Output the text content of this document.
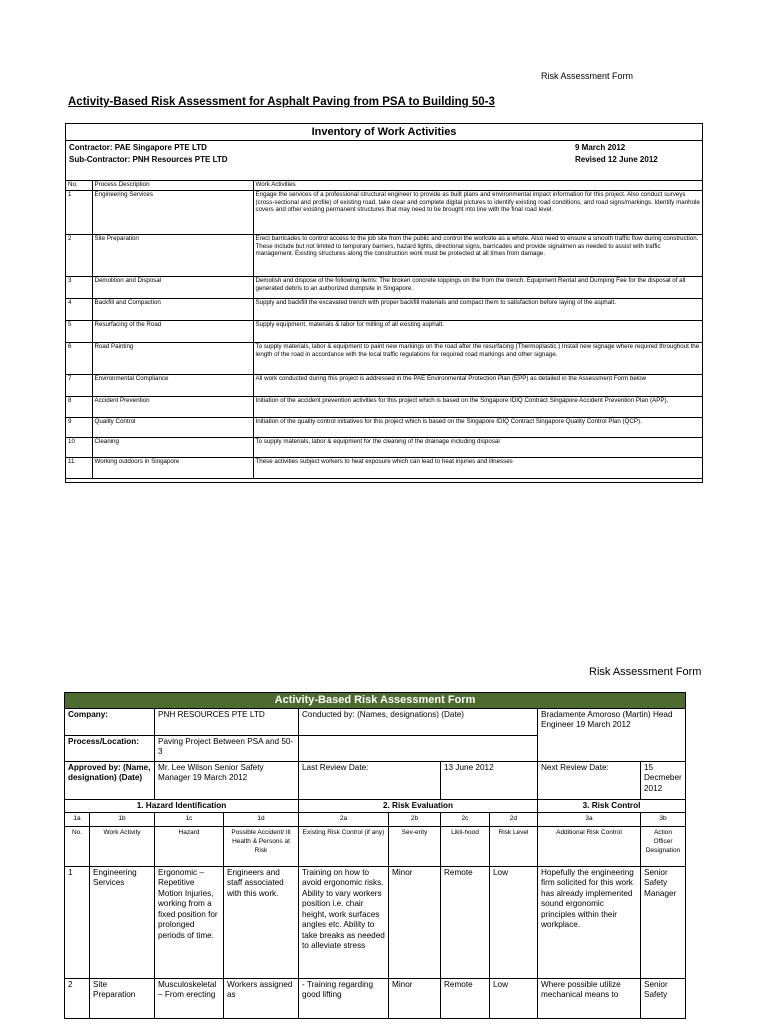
Risk Assessment Form
Activity-Based Risk Assessment for Asphalt Paving from PSA to Building 50-3
Inventory of Work Activities
Contractor: PAE Singapore PTE LTD
Sub-Contractor: PNH Resources PTE LTD
9 March 2012
Revised 12 June 2012
No.	Process Description	Work Activities
1	Engineering Services	Engage the services of a professional structural engineer to provide as built plans and environmental impact information for this project. Also conduct surveys (cross-sectional and profile) of existing road, take clear and complete digital pictures to identify existing road conditions, and road signs/markings. Identify manhole covers and other existing permanent structures that may need to be brought into line with the final road level.
2	Site Preparation	Erect barricades to control access to the job site from the public and control the worksite as a whole. Also need to ensure a smooth traffic flow during construction. These include but not limited to temporary barriers, hazard lights, directional signs, barricades and provide signalmen as needed to assist with traffic management. Existing structures along the construction work must be protected at all times from damage.
3	Demolition and Disposal	Demolish and dispose of the following items: The broken concrete toppings on the from the trench. Equipment Rental and Dumping Fee for the disposal of all generated debris to an authorized dumpsite in Singapore.
4	Backfill and Compaction	Supply and backfill the excavated trench with proper backfill materials and compact them to satisfaction before laying of the asphalt.
5	Resurfacing of the Road	Supply equipment, materials & labor for milling of all existing asphalt.
6	Road Painting	To supply materials, labor & equipment to paint new markings on the road after the resurfacing (Thermoplastic.) Install new signage where required throughout the length of the road in accordance with the local traffic regulations for required road markings and other signage.
7	Environmental Compliance	All work conducted during this project is addressed in the PAE Environmental Protection Plan (EPP) as detailed in the Assessment Form below
8	Accident Prevention	Initiation of the accident prevention activities for this project which is based on the Singapore IDIQ Contract Singapore Accident Prevention Plan (APP).
9	Quality Control	Initiation of the quality control initiatives for this project which is based on the Singapore IDIQ Contract Singapore Quality Control Plan (QCP).
10	Cleaning	To supply materials, labor & equipment for the cleaning of the drainage including disposal
11	Working outdoors in Singapore	These activities subject workers to heat exposure which can lead to heat injuries and illnesses
Risk Assessment Form
Activity-Based Risk Assessment Form									
Company:		PNH RESOURCES PTE LTD		Conducted by: (Names, designations) (Date)				Bradamente Amoroso (Martin) Head Engineer 19 March 2012	
Process/Location:		Paving Project Between PSA and 50-3							
Approved by: (Name, designation) (Date)		Mr. Lee Wilson Senior Safety Manager 19 March 2012		Last Review Date:		13 June 2012		Next Review Date:	15 Decmeber 2012
1. Hazard Identification				2. Risk Evaluation				3. Risk Control	
1a	1b	1c	1d	2a	2b	2c	2d	3a	3b
No.	Work Activity	Hazard	Possible Accident/ Ill Health & Persons at Risk	Existing Risk Control (if any)	Sev-erity	Likli-hood	Risk Level	Additional Risk Control	Action Officer Designation
1	Engineering Services	Ergonomic – Repetitive Motion Injuries, working from a fixed position for prolonged periods of time.	Engineers and staff associated with this work.	Training on how to avoid ergonomic risks. Ability to vary workers position i.e. chair height, work surfaces angles etc. Ability to take breaks as needed to alleviate stress	Minor	Remote	Low	Hopefully the engineering firm solicited for this work has already implemented sound ergonomic principles within their workplace.	Senior Safety Manager
2	Site Preparation	Musculoskeletal – From erecting	Workers assigned as	- Training regarding good lifting	Minor	Remote	Low	Where possible utilize mechanical means to	Senior Safety
